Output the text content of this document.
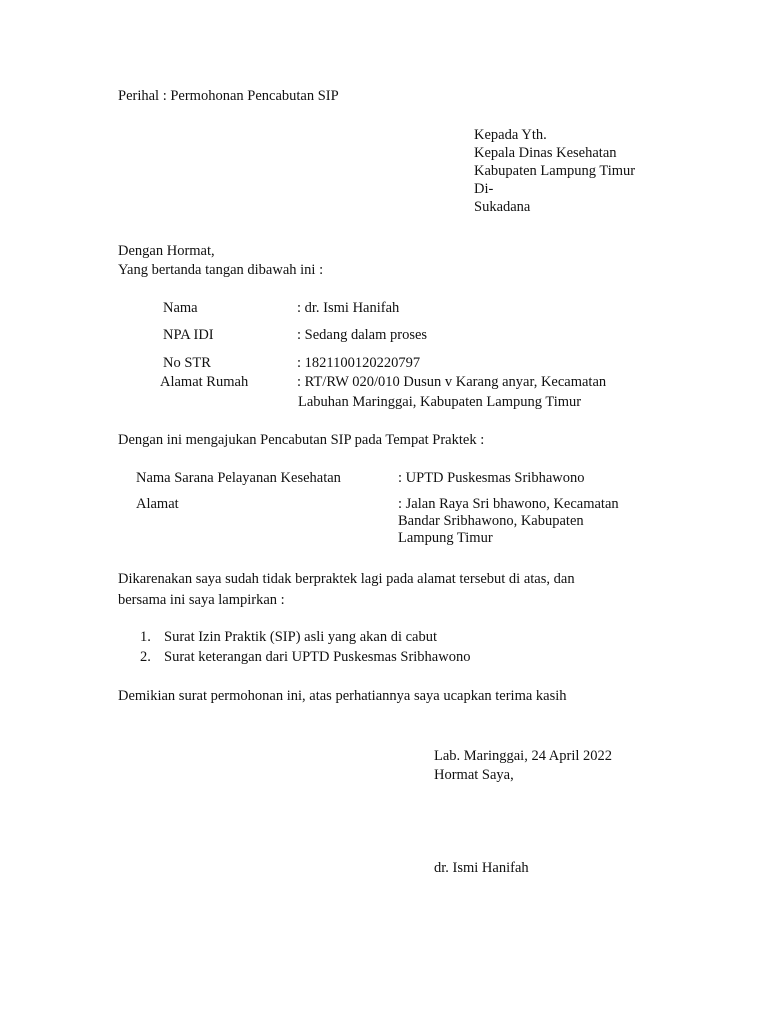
Perihal : Permohonan Pencabutan SIP
Kepada Yth.
Kepala Dinas Kesehatan
Kabupaten Lampung Timur
Di-
Sukadana
Dengan Hormat,
Yang bertanda tangan dibawah ini :
Nama	: dr. Ismi Hanifah
NPA IDI	: Sedang dalam proses
No STR	: 1821100120220797
Alamat Rumah	: RT/RW 020/010 Dusun v Karang anyar, Kecamatan
Labuhan Maringgai, Kabupaten Lampung Timur
Dengan ini mengajukan Pencabutan SIP pada Tempat Praktek :
Nama Sarana Pelayanan Kesehatan	: UPTD Puskesmas Sribhawono
Alamat	: Jalan Raya Sri bhawono, Kecamatan
Bandar Sribhawono, Kabupaten
Lampung Timur
Dikarenakan saya sudah tidak berpraktek lagi pada alamat tersebut di atas, dan
bersama ini saya lampirkan :
1. Surat Izin Praktik (SIP) asli yang akan di cabut
2. Surat keterangan dari UPTD Puskesmas Sribhawono
Demikian surat permohonan ini, atas perhatiannya saya ucapkan terima kasih
Lab. Maringgai, 24 April 2022
Hormat Saya,
dr. Ismi Hanifah
